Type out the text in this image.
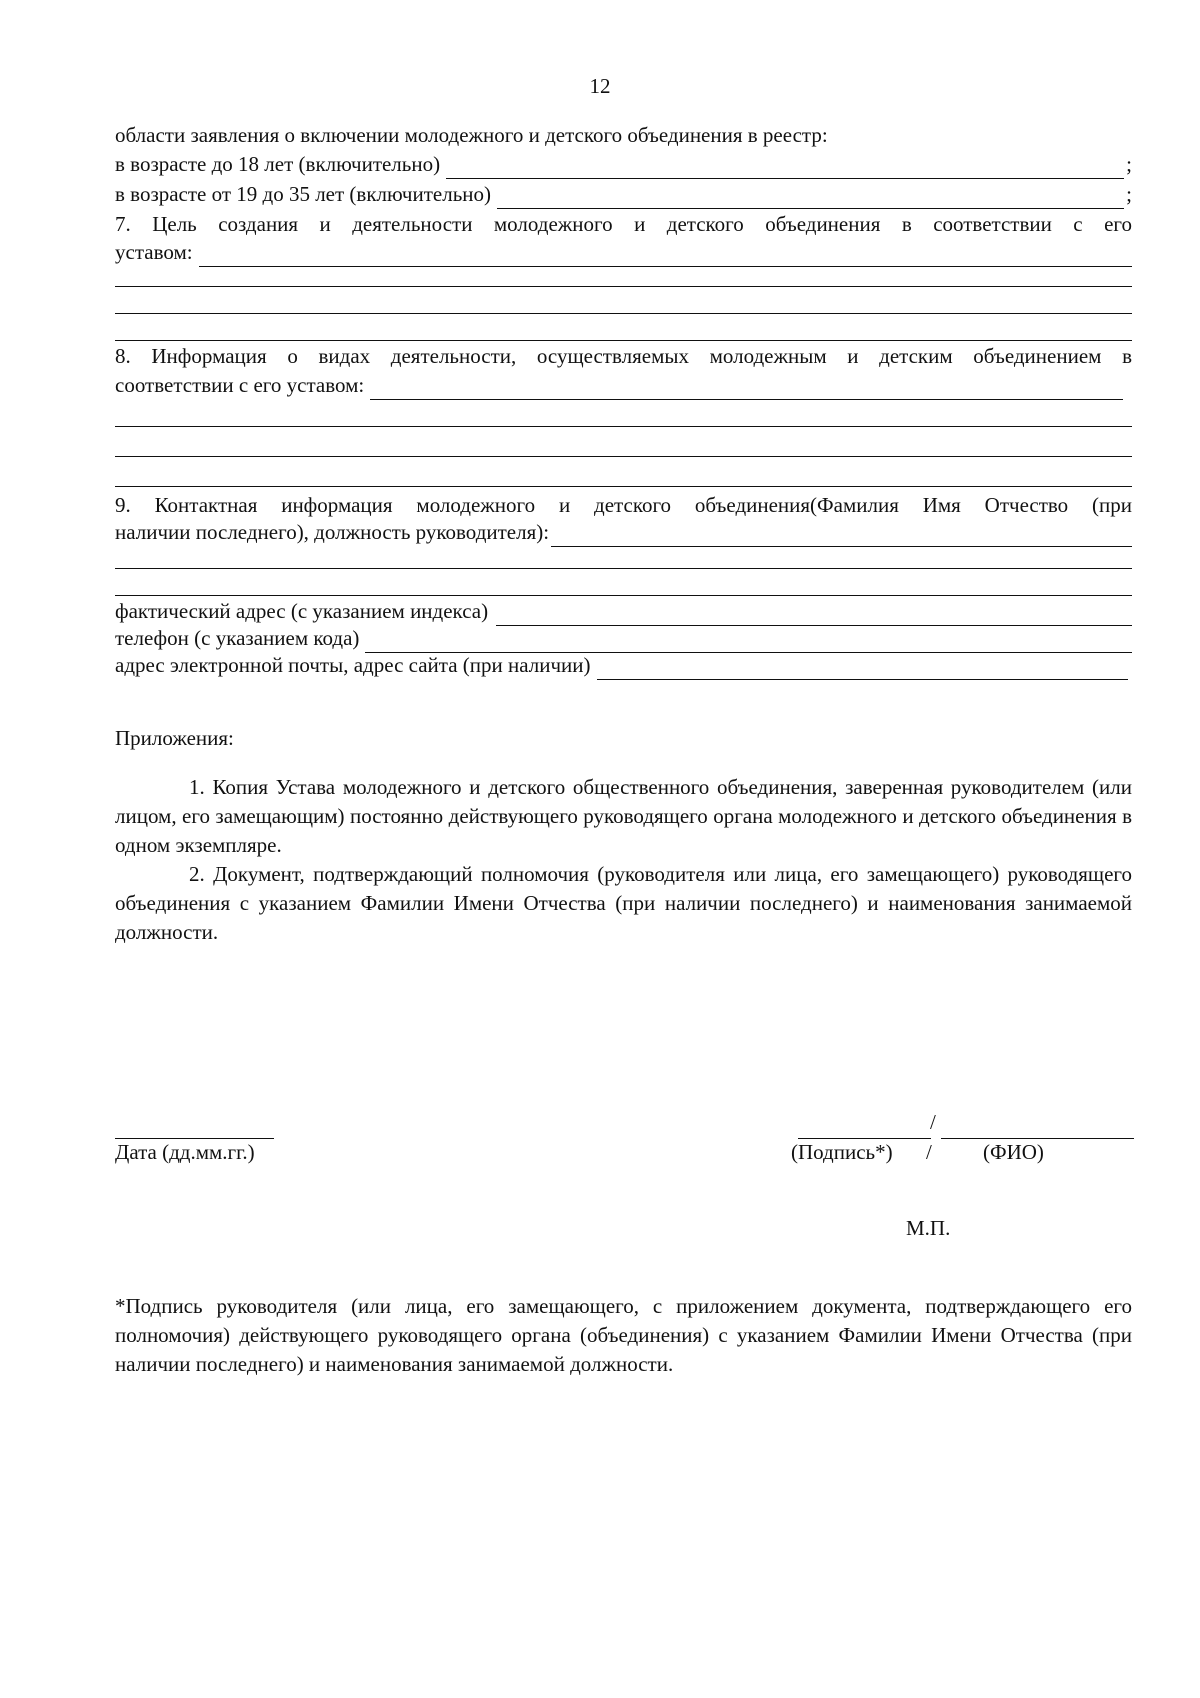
12
области заявления о включении молодежного и детского объединения в реестр:
в возрасте до 18 лет (включительно)	;
в возрасте от 19 до 35 лет (включительно)	;
7. Цель создания и деятельности молодежного и детского объединения в соответствии с его
уставом:
8. Информация о видах деятельности, осуществляемых молодежным и детским объединением в
соответствии с его уставом:
9. Контактная информация молодежного и детского объединения(Фамилия Имя Отчество (при
наличии последнего), должность руководителя):
фактический адрес (с указанием индекса)
телефон (с указанием кода)
адрес электронной почты, адрес сайта (при наличии)
Приложения:
1. Копия Устава молодежного и детского общественного объединения, заверенная руководителем (или лицом, его замещающим) постоянно действующего руководящего органа молодежного и детского объединения в одном экземпляре.
2. Документ, подтверждающий полномочия (руководителя или лица, его замещающего) руководящего объединения с указанием Фамилии Имени Отчества (при наличии последнего) и наименования занимаемой должности.
Дата (дд.мм.гг.)
/
(Подпись*) / (ФИО)
М.П.
*Подпись руководителя (или лица, его замещающего, с приложением документа, подтверждающего его полномочия) действующего руководящего органа (объединения) с указанием Фамилии Имени Отчества (при наличии последнего) и наименования занимаемой должности.
